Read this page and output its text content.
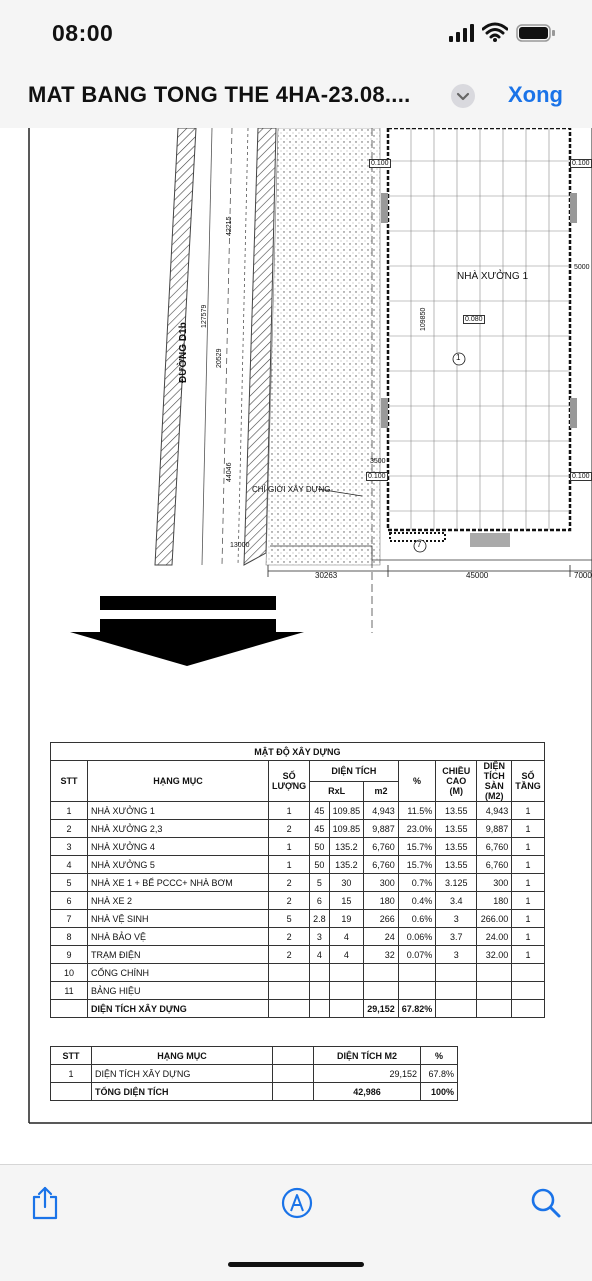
08:00
MAT BANG TONG THE 4HA-23.08....	Xong
ĐƯỜNG D1b
NHÀ XƯỞNG 1
CHỈ GIỚI XÂY DỰNG
42215
127579
20529
44046
13000
109850
30263	45000	7000
5000
3500
0.100	0.100
0.100	0.100
0.080
1
7
MẬT ĐỘ XÂY DỰNG									
STT	HẠNG MỤC	SỐ LƯỢNG	DIỆN TÍCH			%	CHIỀU CAO (M)	DIỆN TÍCH SÀN (M2)	SỐ TẦNG
			RxL		m2				
1	NHÀ XƯỞNG 1	1	45	109.85	4,943	11.5%	13.55	4,943	1
2	NHÀ XƯỞNG 2,3	2	45	109.85	9,887	23.0%	13.55	9,887	1
3	NHÀ XƯỞNG 4	1	50	135.2	6,760	15.7%	13.55	6,760	1
4	NHÀ XƯỞNG 5	1	50	135.2	6,760	15.7%	13.55	6,760	1
5	NHÀ XE 1 + BỂ PCCC+ NHÀ BƠM	2	5	30	300	0.7%	3.125	300	1
6	NHÀ XE 2	2	6	15	180	0.4%	3.4	180	1
7	NHÀ VỆ SINH	5	2.8	19	266	0.6%	3	266.00	1
8	NHÀ BẢO VỆ	2	3	4	24	0.06%	3.7	24.00	1
9	TRẠM ĐIỆN	2	4	4	32	0.07%	3	32.00	1
10	CỔNG CHÍNH								
11	BẢNG HIỆU								
	DIỆN TÍCH XÂY DỰNG				29,152	67.82%			
STT	HẠNG MỤC		DIỆN TÍCH M2	%
1	DIỆN TÍCH XÂY DỰNG		29,152	67.8%
	TỔNG DIỆN TÍCH		42,986	100%
